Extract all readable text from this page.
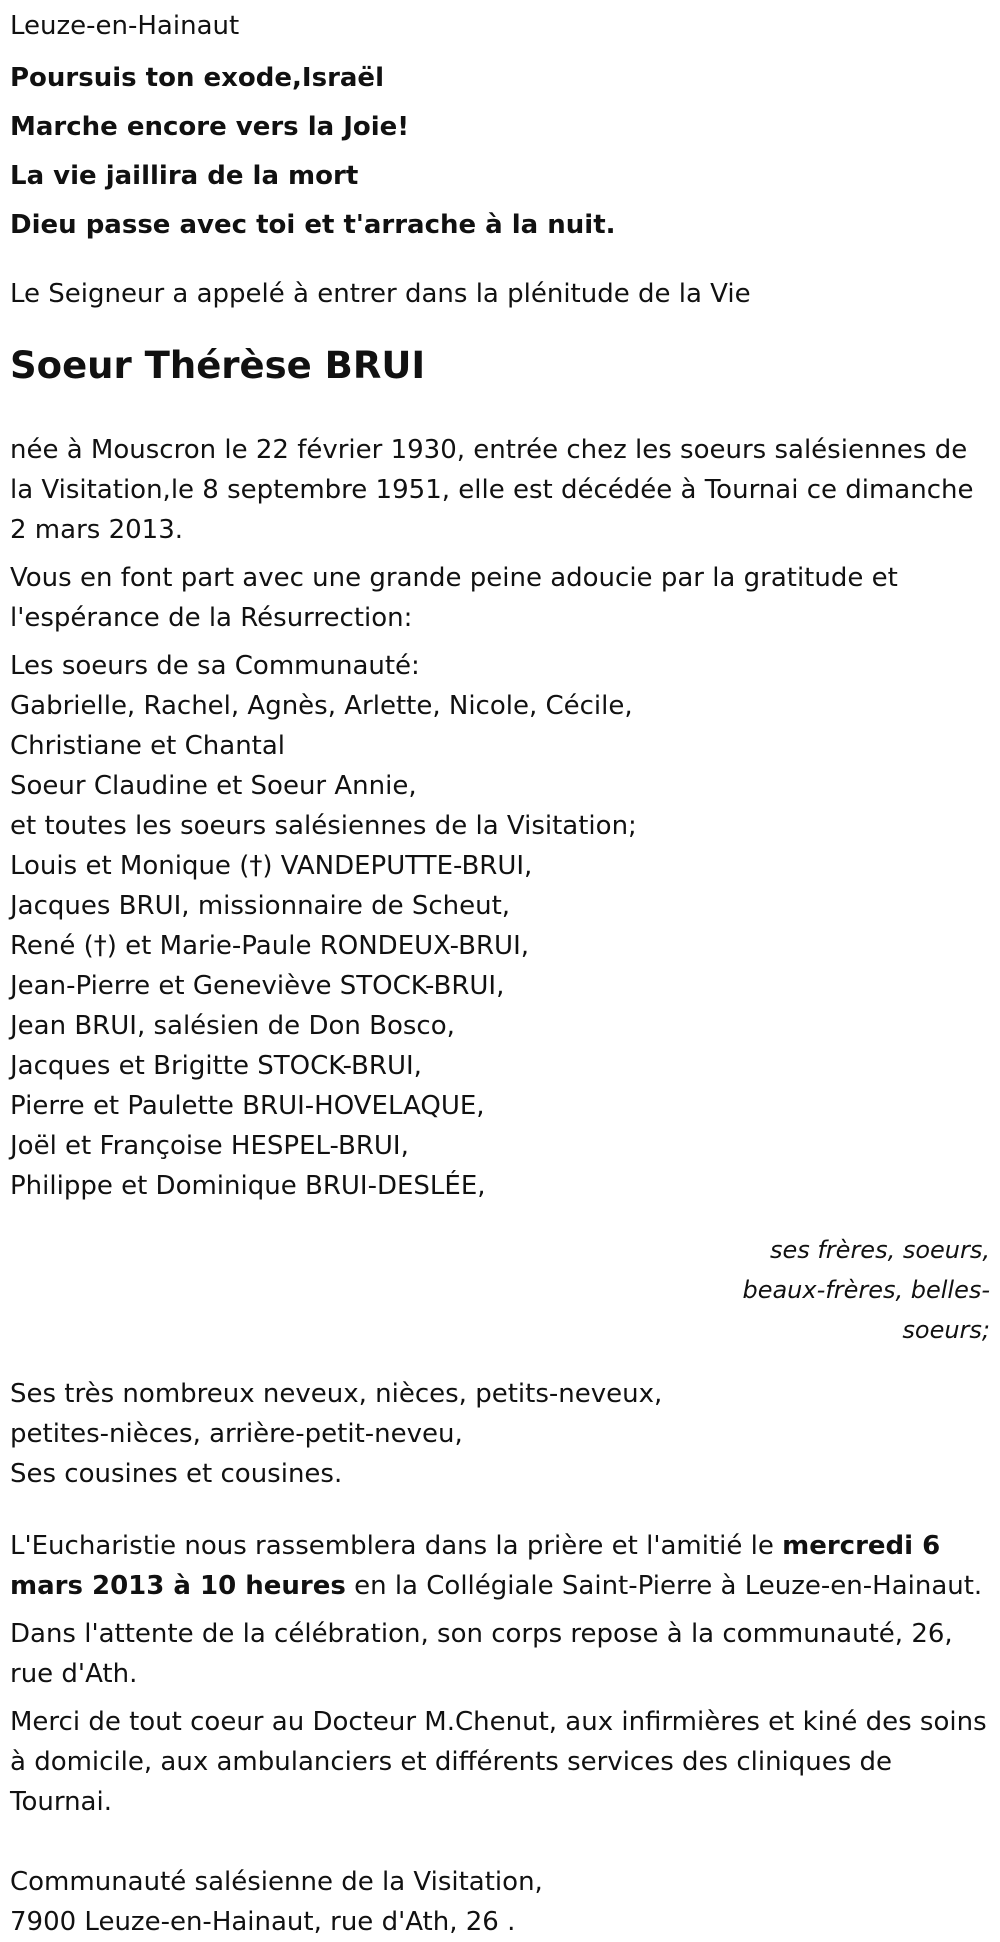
Leuze-en-Hainaut

Poursuis ton exode,Israël

Marche encore vers la Joie!

La vie jaillira de la mort

Dieu passe avec toi et t'arrache à la nuit.

Le Seigneur a appelé à entrer dans la plénitude de la Vie

Soeur Thérèse BRUI

née à Mouscron le 22 février 1930, entrée chez les soeurs salésiennes de la Visitation,le 8 septembre 1951, elle est décédée à Tournai ce dimanche 2 mars 2013.

Vous en font part avec une grande peine adoucie par la gratitude et l'espérance de la Résurrection:

Les soeurs de sa Communauté:

Gabrielle, Rachel, Agnès, Arlette, Nicole, Cécile,

Christiane et Chantal

Soeur Claudine et Soeur Annie,

et toutes les soeurs salésiennes de la Visitation;

Louis et Monique (†) VANDEPUTTE-BRUI,

Jacques BRUI, missionnaire de Scheut,

René (†) et Marie-Paule RONDEUX-BRUI,

Jean-Pierre et Geneviève STOCK-BRUI,

Jean BRUI, salésien de Don Bosco,

Jacques et Brigitte STOCK-BRUI,

Pierre et Paulette BRUI-HOVELAQUE,

Joël et Françoise HESPEL-BRUI,

Philippe et Dominique BRUI-DESLÉE,

ses frères, soeurs, beaux-frères, belles-soeurs;

Ses très nombreux neveux, nièces, petits-neveux,

petites-nièces, arrière-petit-neveu,

Ses cousines et cousines.

L'Eucharistie nous rassemblera dans la prière et l'amitié le mercredi 6 mars 2013 à 10 heures en la Collégiale Saint-Pierre à Leuze-en-Hainaut.

Dans l'attente de la célébration, son corps repose à la communauté, 26, rue d'Ath.

Merci de tout coeur au Docteur M.Chenut, aux infirmières et kiné des soins à domicile, aux ambulanciers et différents services des cliniques de Tournai.

Communauté salésienne de la Visitation,

7900 Leuze-en-Hainaut, rue d'Ath, 26 .
